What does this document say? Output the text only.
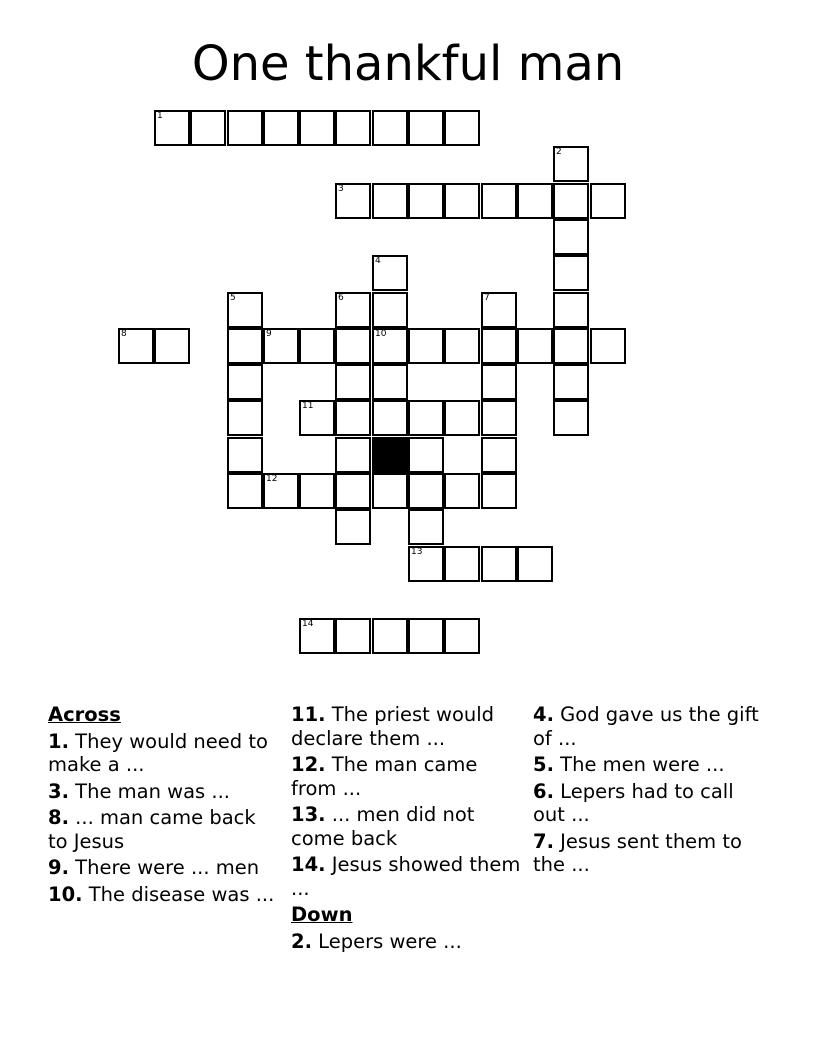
One thankful man
1
2
3
4
5	6	7
8	9	10
11
12
13
14
Across
1. They would need to make a ...
3. The man was ...
8. ... man came back to Jesus
9. There were ... men
10. The disease was ...
11. The priest would declare them ...
12. The man came from ...
13. ... men did not come back
14. Jesus showed them ...
Down
2. Lepers were ...
4. God gave us the gift of ...
5. The men were ...
6. Lepers had to call out ...
7. Jesus sent them to the ...
